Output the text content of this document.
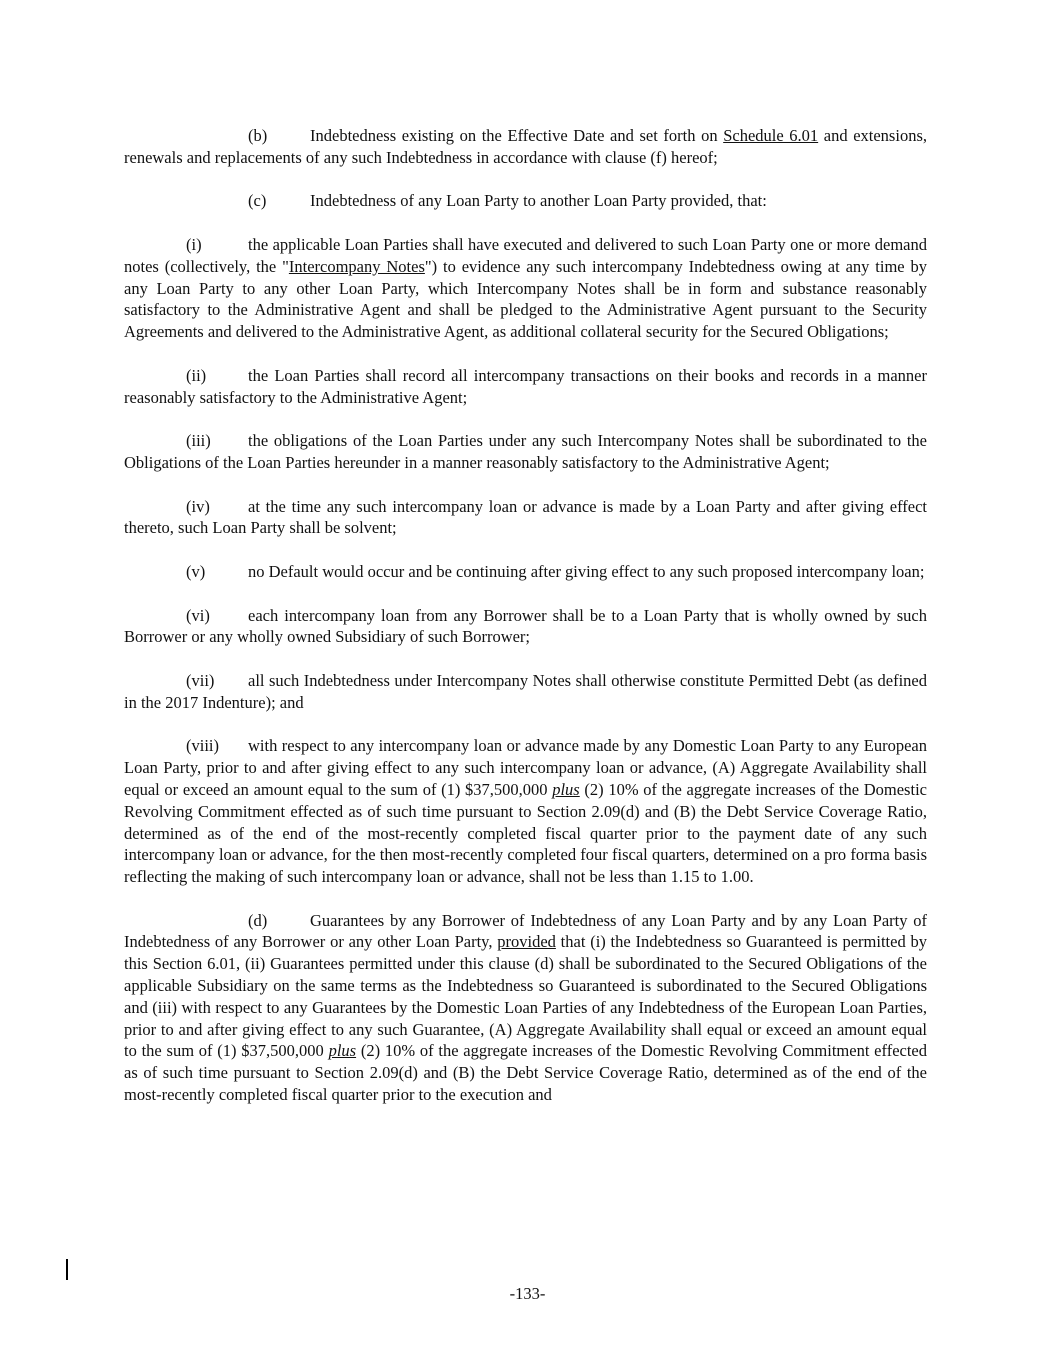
(b)	Indebtedness existing on the Effective Date and set forth on Schedule 6.01 and extensions, renewals and replacements of any such Indebtedness in accordance with clause (f) hereof;

(c)	Indebtedness of any Loan Party to another Loan Party provided, that:

(i)	the applicable Loan Parties shall have executed and delivered to such Loan Party one or more demand notes (collectively, the "Intercompany Notes") to evidence any such intercompany Indebtedness owing at any time by any Loan Party to any other Loan Party, which Intercompany Notes shall be in form and substance reasonably satisfactory to the Administrative Agent and shall be pledged to the Administrative Agent pursuant to the Security Agreements and delivered to the Administrative Agent, as additional collateral security for the Secured Obligations;

(ii)	the Loan Parties shall record all intercompany transactions on their books and records in a manner reasonably satisfactory to the Administrative Agent;

(iii) the obligations of the Loan Parties under any such Intercompany Notes shall be subordinated to the Obligations of the Loan Parties hereunder in a manner reasonably satisfactory to the Administrative Agent;

(iv) at the time any such intercompany loan or advance is made by a Loan Party and after giving effect thereto, such Loan Party shall be solvent;

(v)	no Default would occur and be continuing after giving effect to any such proposed intercompany loan;

(vi) each intercompany loan from any Borrower shall be to a Loan Party that is wholly owned by such Borrower or any wholly owned Subsidiary of such Borrower;

(vii) all such Indebtedness under Intercompany Notes shall otherwise constitute Permitted Debt (as defined in the 2017 Indenture); and

(viii) with respect to any intercompany loan or advance made by any Domestic Loan Party to any European Loan Party, prior to and after giving effect to any such intercompany loan or advance, (A) Aggregate Availability shall equal or exceed an amount equal to the sum of (1) $37,500,000 plus (2) 10% of the aggregate increases of the Domestic Revolving Commitment effected as of such time pursuant to Section 2.09(d) and (B) the Debt Service Coverage Ratio, determined as of the end of the most-recently completed fiscal quarter prior to the payment date of any such intercompany loan or advance, for the then most-recently completed four fiscal quarters, determined on a pro forma basis reflecting the making of such intercompany loan or advance, shall not be less than 1.15 to 1.00.

(d)	Guarantees by any Borrower of Indebtedness of any Loan Party and by any Loan Party of Indebtedness of any Borrower or any other Loan Party, provided that (i) the Indebtedness so Guaranteed is permitted by this Section 6.01, (ii) Guarantees permitted under this clause (d) shall be subordinated to the Secured Obligations of the applicable Subsidiary on the same terms as the Indebtedness so Guaranteed is subordinated to the Secured Obligations and (iii) with respect to any Guarantees by the Domestic Loan Parties of any Indebtedness of the European Loan Parties, prior to and after giving effect to any such Guarantee, (A) Aggregate Availability shall equal or exceed an amount equal to the sum of (1) $37,500,000 plus (2) 10% of the aggregate increases of the Domestic Revolving Commitment effected as of such time pursuant to Section 2.09(d) and (B) the Debt Service Coverage Ratio, determined as of the end of the most-recently completed fiscal quarter prior to the execution and

-133-
